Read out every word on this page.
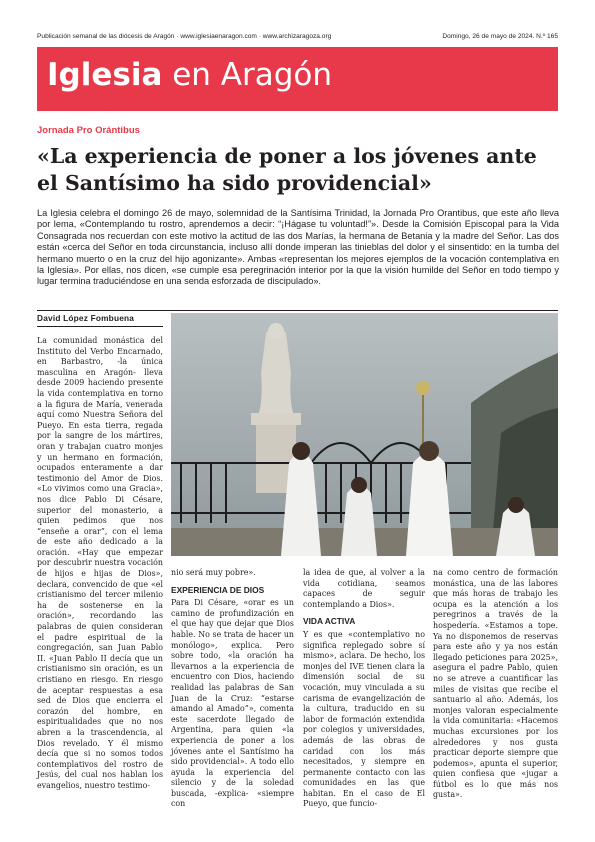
Publicación semanal de las diócesis de Aragón · www.iglesiaenaragon.com · www.archizaragoza.org	Domingo, 26 de mayo de 2024. N.º 165
Iglesia en Aragón
Jornada Pro Orántibus
«La experiencia de poner a los jóvenes ante el Santísimo ha sido providencial»
La Iglesia celebra el domingo 26 de mayo, solemnidad de la Santísima Trinidad, la Jornada Pro Orantibus, que este año lleva por lema, «Contemplando tu rostro, aprendemos a decir: “¡Hágase tu voluntad!”». Desde la Comisión Episcopal para la Vida Consagrada nos recuerdan con este motivo la actitud de las dos Marías, la hermana de Betania y la madre del Señor. Las dos están «cerca del Señor en toda circunstancia, incluso allí donde imperan las tinieblas del dolor y el sinsentido: en la tumba del hermano muerto o en la cruz del hijo agonizante». Ambas «representan los mejores ejemplos de la vocación contemplativa en la Iglesia». Por ellas, nos dicen, «se cumple esa peregrinación interior por la que la visión humilde del Señor en todo tiempo y lugar termina traduciéndose en una senda esforzada de discipulado».
David López Fombuena

La comunidad monástica del Instituto del Verbo Encarnado, en Barbastro, -la única masculina en Aragón- lleva desde 2009 haciendo presente la vida contemplativa en torno a la figura de María, venerada aquí como Nuestra Señora del Pueyo. En esta tierra, regada por la sangre de los mártires, oran y trabajan cuatro monjes y un hermano en formación, ocupados enteramente a dar testimonio del Amor de Dios. «Lo vivimos como una Gracia», nos dice Pablo Di Césare, superior del monasterio, a quien pedimos que nos “enseñe a orar”, con el lema de este año dedicado a la oración. «Hay que empezar por descubrir nuestra vocación de hijos e hijas de Dios», declara, convencido de que «el cristianismo del tercer milenio ha de sostenerse en la oración», recordando las palabras de quien consideran el padre espiritual de la congregación, san Juan Pablo II. «Juan Pablo II decía que un cristianismo sin oración, es un cristiano en riesgo. En riesgo de aceptar respuestas a esa sed de Dios que encierra el corazón del hombre, en espiritualidades que no nos abren a la trascendencia, al Dios revelado. Y él mismo decía que si no somos todos contemplativos del rostro de Jesús, del cual nos hablan los evangelios, nuestro testimo-

nio será muy pobre».

EXPERIENCIA DE DIOS

Para Di Césare, «orar es un camino de profundización en el que hay que dejar que Dios hable. No se trata de hacer un monólogo», explica. Pero sobre todo, «la oración ha llevarnos a la experiencia de encuentro con Dios, haciendo realidad las palabras de San Juan de la Cruz: “estarse amando al Amado”», comenta este sacerdote llegado de Argentina, para quien «la experiencia de poner a los jóvenes ante el Santísimo ha sido providencial». A todo ello ayuda la experiencia del silencio y de la soledad buscada, -explica- «siempre con

la idea de que, al volver a la vida cotidiana, seamos capaces de seguir contemplando a Dios».

VIDA ACTIVA

Y es que «contemplativo no significa replegado sobre sí mismo», aclara. De hecho, los monjes del IVE tienen clara la dimensión social de su vocación, muy vinculada a su carisma de evangelización de la cultura, traducido en su labor de formación extendida por colegios y universidades, además de las obras de caridad con los más necesitados, y siempre en permanente contacto con las comunidades en las que habitan. En el caso de El Pueyo, que funcio-

na como centro de formación monástica, una de las labores que más horas de trabajo les ocupa es la atención a los peregrinos a través de la hospedería. «Estamos a tope. Ya no disponemos de reservas para este año y ya nos están llegado peticiones para 2025», asegura el padre Pablo, quien no se atreve a cuantificar las miles de visitas que recibe el santuario al año. Además, los monjes valoran especialmente la vida comunitaria: «Hacemos muchas excursiones por los alrededores y nos gusta practicar deporte siempre que podemos», apunta el superior, quien confiesa que «jugar a fútbol es lo que más nos gusta».
